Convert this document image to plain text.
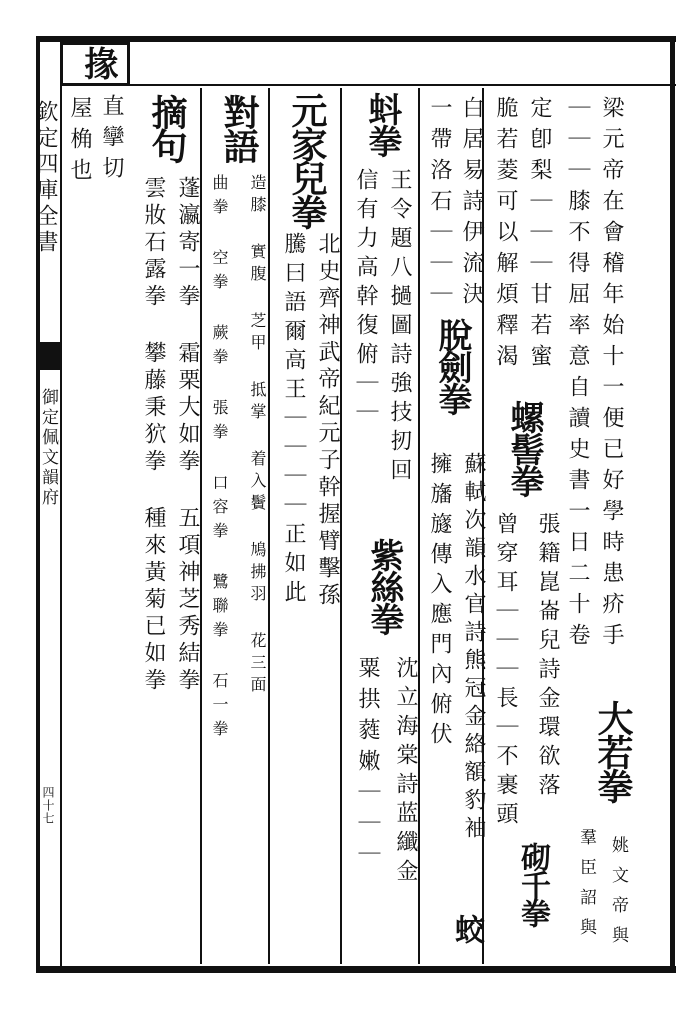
掾
欽定四庫全書
御定佩文韻府
四十七
直攣切
屋桷也	梁元帝在會稽年始十一便已好學時患疥手
｜｜｜膝不得屈率意自讀史書一日二十卷
大若拳
姚文帝與
羣臣詔與
定卽梨｜｜｜甘若蜜
脆若菱可以解煩釋渴
螺髻拳
張籍崑崙兒詩金環欲落
曾穿耳｜｜｜長｜不裹頭
砌千拳
白居易詩伊流決
脫劍拳
蘇軾次韻水官詩熊冠金絡額豹袖
擁旛旞傳入應門內俯伏
蛟
一帶洛石｜｜｜
蚪拳
王令題八撾圖詩強技扨回
信有力高幹復俯｜｜
紫絲拳
沈立海棠詩蓝纖金
粟拱蕤嫩｜｜｜
元家兒拳
北史齊神武帝紀元子幹握臂擊孫
騰曰語爾高王｜｜｜｜正如此
對語
造膝 實腹 芝甲 抵掌 着入鬢 鳩拂羽 花三面
曲拳 空拳 蕨拳 張拳 口容拳 鷺聯拳 石一拳
摘句
蓬瀛寄一拳 霜栗大如拳 五項神芝秀結拳
雲妝石露拳 攀藤秉狖拳 種來黃菊已如拳
